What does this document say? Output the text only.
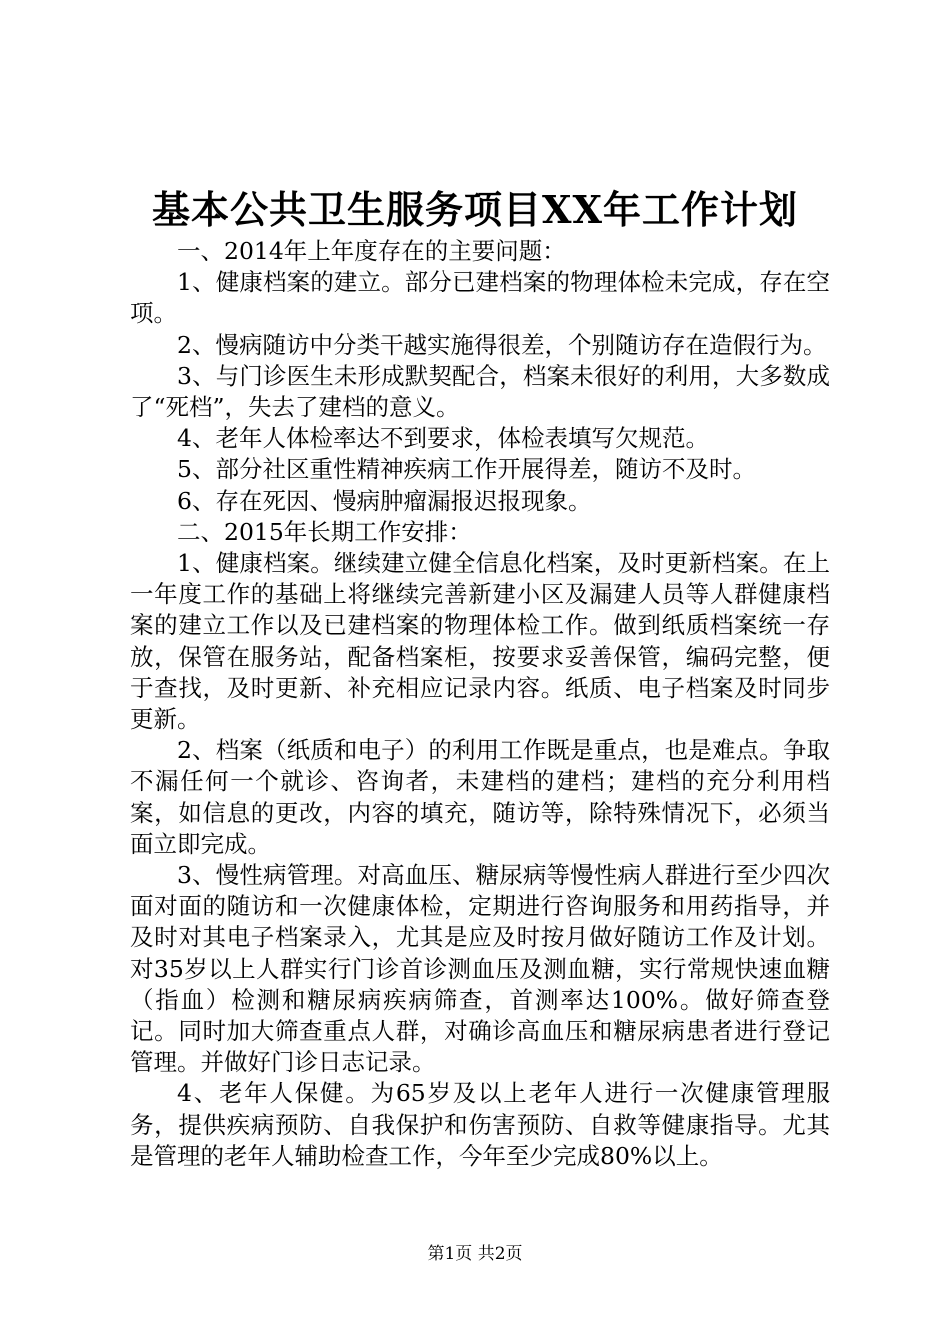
基本公共卫生服务项目XX年工作计划

一、2014年上年度存在的主要问题：

1、健康档案的建立。部分已建档案的物理体检未完成，存在空项。

2、慢病随访中分类干越实施得很差，个别随访存在造假行为。

3、与门诊医生未形成默契配合，档案未很好的利用，大多数成了“死档”，失去了建档的意义。

4、老年人体检率达不到要求，体检表填写欠规范。

5、部分社区重性精神疾病工作开展得差，随访不及时。

6、存在死因、慢病肿瘤漏报迟报现象。

二、2015年长期工作安排：

1、健康档案。继续建立健全信息化档案，及时更新档案。在上一年度工作的基础上将继续完善新建小区及漏建人员等人群健康档案的建立工作以及已建档案的物理体检工作。做到纸质档案统一存放，保管在服务站，配备档案柜，按要求妥善保管，编码完整，便于查找，及时更新、补充相应记录内容。纸质、电子档案及时同步更新。

2、档案（纸质和电子）的利用工作既是重点，也是难点。争取不漏任何一个就诊、咨询者，未建档的建档；建档的充分利用档案，如信息的更改，内容的填充，随访等，除特殊情况下，必须当面立即完成。

3、慢性病管理。对高血压、糖尿病等慢性病人群进行至少四次面对面的随访和一次健康体检，定期进行咨询服务和用药指导，并及时对其电子档案录入，尤其是应及时按月做好随访工作及计划。对35岁以上人群实行门诊首诊测血压及测血糖，实行常规快速血糖（指血）检测和糖尿病疾病筛查，首测率达100%。做好筛查登记。同时加大筛查重点人群，对确诊高血压和糖尿病患者进行登记管理。并做好门诊日志记录。

4、老年人保健。为65岁及以上老年人进行一次健康管理服务，提供疾病预防、自我保护和伤害预防、自救等健康指导。尤其是管理的老年人辅助检查工作，今年至少完成80%以上。

第1页 共2页
